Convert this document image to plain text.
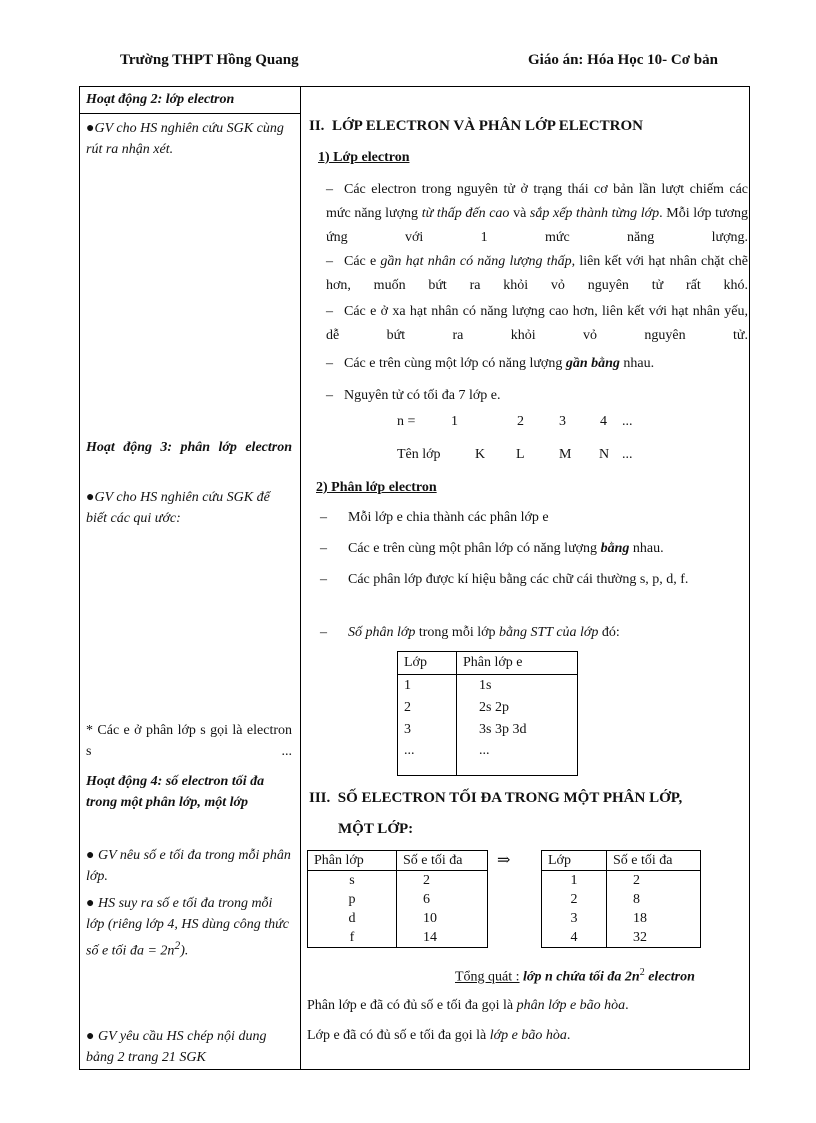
Trường THPT Hồng Quang	Giáo án: Hóa Học 10- Cơ bản
Hoạt động 2: lớp electron
●GV cho HS nghiên cứu SGK cùng rút ra nhận xét.
Hoạt động 3: phân lớp electron
●GV cho HS nghiên cứu SGK để biết các qui ước:
* Các e ở phân lớp s gọi là electron s ...
Hoạt động 4: số electron tối đa trong một phân lớp, một lớp
● GV nêu số e tối đa trong mỗi phân lớp.
● HS suy ra số e tối đa trong mỗi lớp (riêng lớp 4, HS dùng công thức số e tối đa = $2n^2$).
● GV yêu cầu HS chép nội dung bảng 2 trang 21 SGK
II. LỚP ELECTRON VÀ PHÂN LỚP ELECTRON
1) Lớp electron
– Các electron trong nguyên tử ở trạng thái cơ bản lần lượt chiếm các mức năng lượng từ thấp đến cao và sắp xếp thành từng lớp. Mỗi lớp tương ứng với 1 mức năng lượng.
– Các e gần hạt nhân có năng lượng thấp, liên kết với hạt nhân chặt chẽ hơn, muốn bứt ra khỏi vỏ nguyên tử rất khó.
– Các e ở xa hạt nhân có năng lượng cao hơn, liên kết với hạt nhân yếu, dễ bứt ra khỏi vỏ nguyên tử.
– Các e trên cùng một lớp có năng lượng gần bằng nhau.
– Nguyên tử có tối đa 7 lớp e.
n =	1	2	3 4 ...
Tên lớp K L M N ...
2) Phân lớp electron
– Mỗi lớp e chia thành các phân lớp e
– Các e trên cùng một phân lớp có năng lượng bằng nhau.
– Các phân lớp được kí hiệu bằng các chữ cái thường s, p, d, f.
– Số phân lớp trong mỗi lớp bằng STT của lớp đó:
Lớp	Phân lớp e
1	1s
2	2s 2p
3	3s 3p 3d
...	...

III. SỐ ELECTRON TỐI ĐA TRONG MỘT PHÂN LỚP,
MỘT LỚP:
Phân lớp	Số e tối đa
s	2
p	6
d	10
f	14
⇒	Lớp	Số e tối đa
1	2
2	8
3	18
4	32
Tổng quát : lớp n chứa tối đa $2n^2$ electron
Phân lớp e đã có đủ số e tối đa gọi là phân lớp e bão hòa.
Lớp e đã có đủ số e tối đa gọi là lớp e bão hòa.
